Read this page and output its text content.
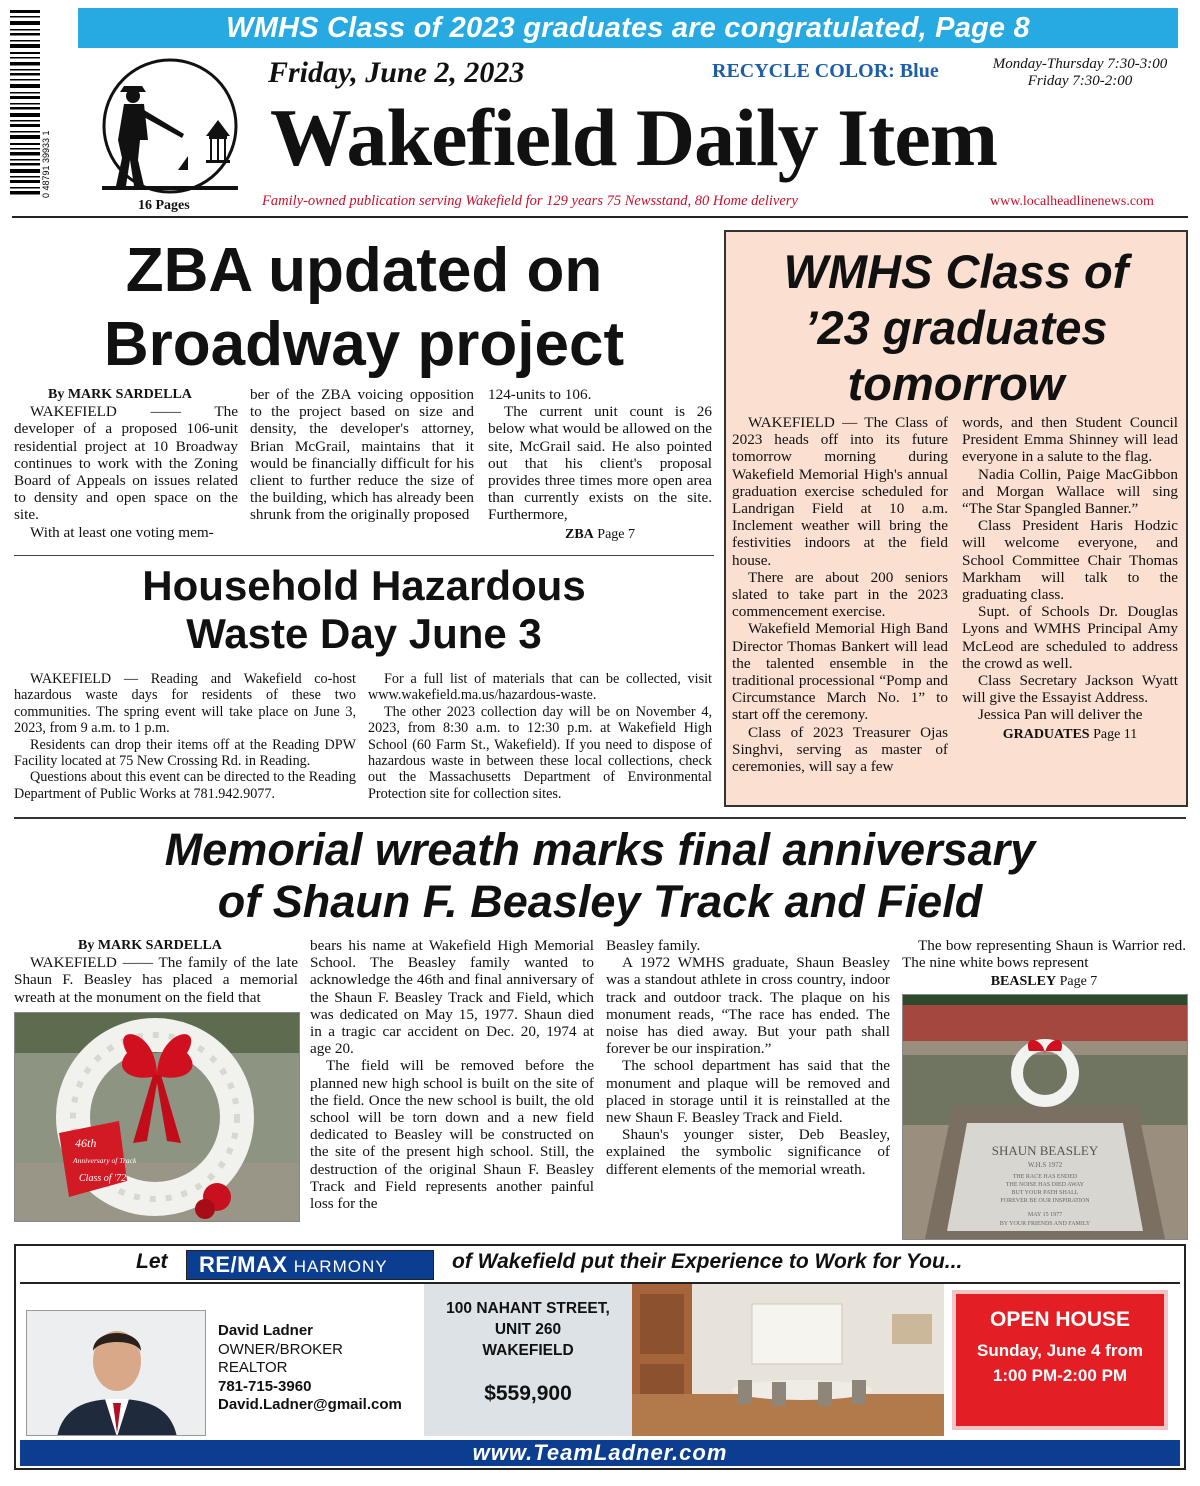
WMHS Class of 2023 graduates are congratulated, Page 8
0 48791 39933 1
Friday, June 2, 2023	RECYCLE COLOR: Blue	Monday-Thursday 7:30-3:00
Friday 7:30-2:00
Wakefield Daily Item
16 Pages	Family-owned publication serving Wakefield for 129 years 75 Newsstand, 80 Home delivery	www.localheadlinenews.com
ZBA updated on
Broadway project

By MARK SARDELLA

WAKEFIELD —— The developer of a proposed 106-unit residential project at 10 Broadway continues to work with the Zoning Board of Appeals on issues related to density and open space on the site.

With at least one voting mem-

ber of the ZBA voicing opposition to the project based on size and density, the developer's attorney, Brian McGrail, maintains that it would be financially difficult for his client to further reduce the size of the building, which has already been shrunk from the originally proposed

124-units to 106.

The current unit count is 26 below what would be allowed on the site, McGrail said. He also pointed out that his client's proposal provides three times more open area than currently exists on the site. Furthermore,

ZBA Page 7

Household Hazardous
Waste Day June 3

WAKEFIELD — Reading and Wakefield co-host hazardous waste days for residents of these two communities. The spring event will take place on June 3, 2023, from 9 a.m. to 1 p.m.

Residents can drop their items off at the Reading DPW Facility located at 75 New Crossing Rd. in Reading.

Questions about this event can be directed to the Reading Department of Public Works at 781.942.9077.

For a full list of materials that can be collected, visit www.wakefield.ma.us/hazardous-waste.

The other 2023 collection day will be on November 4, 2023, from 8:30 a.m. to 12:30 p.m. at Wakefield High School (60 Farm St., Wakefield). If you need to dispose of hazardous waste in between these local collections, check out the Massachusetts Department of Environmental Protection site for collection sites.

WMHS Class of
’23 graduates
tomorrow

WAKEFIELD — The Class of 2023 heads off into its future tomorrow morning during Wakefield Memorial High's annual graduation exercise scheduled for Landrigan Field at 10 a.m. Inclement weather will bring the festivities indoors at the field house.

There are about 200 seniors slated to take part in the 2023 commencement exercise.

Wakefield Memorial High Band Director Thomas Bankert will lead the talented ensemble in the traditional processional “Pomp and Circumstance March No. 1” to start off the ceremony.

Class of 2023 Treasurer Ojas Singhvi, serving as master of ceremonies, will say a few

words, and then Student Council President Emma Shinney will lead everyone in a salute to the flag.

Nadia Collin, Paige MacGibbon and Morgan Wallace will sing “The Star Spangled Banner.”

Class President Haris Hodzic will welcome everyone, and School Committee Chair Thomas Markham will talk to the graduating class.

Supt. of Schools Dr. Douglas Lyons and WMHS Principal Amy McLeod are scheduled to address the crowd as well.

Class Secretary Jackson Wyatt will give the Essayist Address.

Jessica Pan will deliver the

GRADUATES Page 11

Memorial wreath marks final anniversary
of Shaun F. Beasley Track and Field

By MARK SARDELLA

WAKEFIELD —— The family of the late Shaun F. Beasley has placed a memorial wreath at the monument on the field that

46th
Anniversary of Track
Class of '72

bears his name at Wakefield High Memorial School. The Beasley family wanted to acknowledge the 46th and final anniversary of the Shaun F. Beasley Track and Field, which was dedicated on May 15, 1977. Shaun died in a tragic car accident on Dec. 20, 1974 at age 20.

The field will be removed before the planned new high school is built on the site of the field. Once the new school is built, the old school will be torn down and a new field dedicated to Beasley will be constructed on the site of the present high school. Still, the destruction of the original Shaun F. Beasley Track and Field represents another painful loss for the

Beasley family.

A 1972 WMHS graduate, Shaun Beasley was a standout athlete in cross country, indoor track and outdoor track. The plaque on his monument reads, “The race has ended. The noise has died away. But your path shall forever be our inspiration.”

The school department has said that the monument and plaque will be removed and placed in storage until it is reinstalled at the new Shaun F. Beasley Track and Field.

Shaun's younger sister, Deb Beasley, explained the symbolic significance of different elements of the memorial wreath.

The bow representing Shaun is Warrior red. The nine white bows represent

BEASLEY Page 7

SHAUN BEASLEY
W.H.S 1972
THE RACE HAS ENDED
THE NOISE HAS DIED AWAY
BUT YOUR PATH SHALL
FOREVER BE OUR INSPIRATION
MAY 15 1977
BY YOUR FRIENDS AND FAMILY
Let	RE/MAX HARMONY	of Wakefield put their Experience to Work for You...
David Ladner
OWNER/BROKER
REALTOR
781-715-3960
David.Ladner@gmail.com
100 NAHANT STREET,
UNIT 260
WAKEFIELD
$559,900
OPEN HOUSE
Sunday, June 4 from
1:00 PM-2:00 PM
www.TeamLadner.com
